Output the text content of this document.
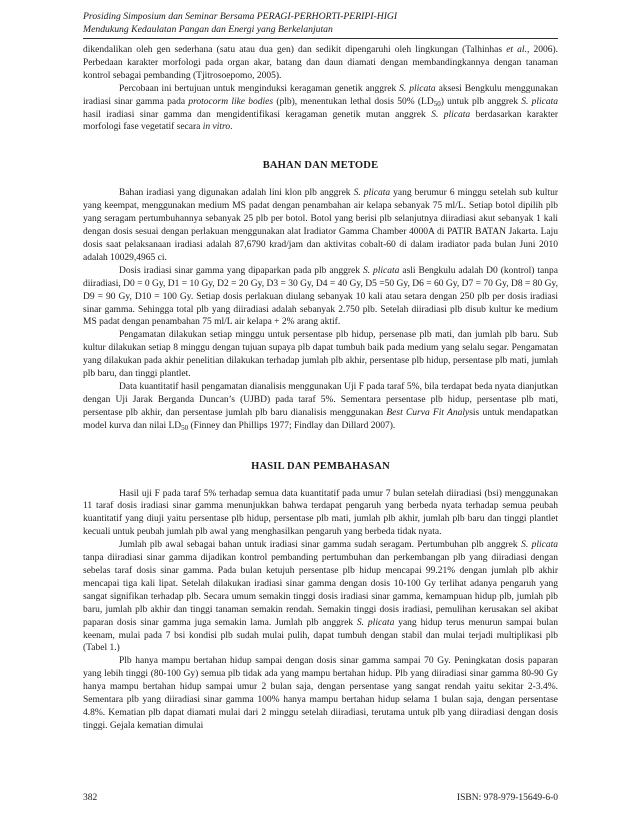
Prosiding Simposium dan Seminar Bersama PERAGI-PERHORTI-PERIPI-HIGI
Mendukung Kedaulatan Pangan dan Energi yang Berkelanjutan

dikendalikan oleh gen sederhana (satu atau dua gen) dan sedikit dipengaruhi oleh lingkungan (Talhinhas et al., 2006). Perbedaan karakter morfologi pada organ akar, batang dan daun diamati dengan membandingkannya dengan tanaman kontrol sebagai pembanding (Tjitrosoepomo, 2005).

Percobaan ini bertujuan untuk menginduksi keragaman genetik anggrek S. plicata aksesi Bengkulu menggunakan iradiasi sinar gamma pada protocorm like bodies (plb), menentukan lethal dosis 50% $(LD_{50})$ untuk plb anggrek S. plicata hasil iradiasi sinar gamma dan mengidentifikasi keragaman genetik mutan anggrek S. plicata berdasarkan karakter morfologi fase vegetatif secara in vitro.

BAHAN DAN METODE

Bahan iradiasi yang digunakan adalah lini klon plb anggrek S. plicata yang berumur 6 minggu setelah sub kultur yang keempat, menggunakan medium MS padat dengan penambahan air kelapa sebanyak 75 ml/L. Setiap botol dipilih plb yang seragam pertumbuhannya sebanyak 25 plb per botol. Botol yang berisi plb selanjutnya diiradiasi akut sebanyak 1 kali dengan dosis sesuai dengan perlakuan menggunakan alat Iradiator Gamma Chamber 4000A di PATIR BATAN Jakarta. Laju dosis saat pelaksanaan iradiasi adalah 87,6790 krad/jam dan aktivitas cobalt-60 di dalam iradiator pada bulan Juni 2010 adalah 10029,4965 ci.

Dosis iradiasi sinar gamma yang dipaparkan pada plb anggrek S. plicata asli Bengkulu adalah D0 (kontrol) tanpa diiradiasi, D0 = 0 Gy, D1 = 10 Gy, D2 = 20 Gy, D3 = 30 Gy, D4 = 40 Gy, D5 =50 Gy, D6 = 60 Gy, D7 = 70 Gy, D8 = 80 Gy, D9 = 90 Gy, D10 = 100 Gy. Setiap dosis perlakuan diulang sebanyak 10 kali atau setara dengan 250 plb per dosis iradiasi sinar gamma. Sehingga total plb yang diiradiasi adalah sebanyak 2.750 plb. Setelah diiradiasi plb disub kultur ke medium MS padat dengan penambahan 75 ml/L air kelapa + 2% arang aktif.

Pengamatan dilakukan setiap minggu untuk persentase plb hidup, persenase plb mati, dan jumlah plb baru. Sub kultur dilakukan setiap 8 minggu dengan tujuan supaya plb dapat tumbuh baik pada medium yang selalu segar. Pengamatan yang dilakukan pada akhir penelitian dilakukan terhadap jumlah plb akhir, persentase plb hidup, persentase plb mati, jumlah plb baru, dan tinggi plantlet.

Data kuantitatif hasil pengamatan dianalisis menggunakan Uji F pada taraf 5%, bila terdapat beda nyata dianjutkan dengan Uji Jarak Berganda Duncan’s (UJBD) pada taraf 5%. Sementara persentase plb hidup, persentase plb mati, persentase plb akhir, dan persentase jumlah plb baru dianalisis menggunakan Best Curva Fit Analysis untuk mendapatkan model kurva dan nilai $LD_{50}$ (Finney dan Phillips 1977; Findlay dan Dillard 2007).

HASIL DAN PEMBAHASAN

Hasil uji F pada taraf 5% terhadap semua data kuantitatif pada umur 7 bulan setelah diiradiasi (bsi) menggunakan 11 taraf dosis iradiasi sinar gamma menunjukkan bahwa terdapat pengaruh yang berbeda nyata terhadap semua peubah kuantitatif yang diuji yaitu persentase plb hidup, persentase plb mati, jumlah plb akhir, jumlah plb baru dan tinggi plantlet kecuali untuk peubah jumlah plb awal yang menghasilkan pengaruh yang berbeda tidak nyata.

Jumlah plb awal sebagai bahan untuk iradiasi sinar gamma sudah seragam. Pertumbuhan plb anggrek S. plicata tanpa diiradiasi sinar gamma dijadikan kontrol pembanding pertumbuhan dan perkembangan plb yang diiradiasi dengan sebelas taraf dosis sinar gamma. Pada bulan ketujuh persentase plb hidup mencapai 99.21% dengan jumlah plb akhir mencapai tiga kali lipat. Setelah dilakukan iradiasi sinar gamma dengan dosis 10-100 Gy terlihat adanya pengaruh yang sangat signifikan terhadap plb. Secara umum semakin tinggi dosis iradiasi sinar gamma, kemampuan hidup plb, jumlah plb baru, jumlah plb akhir dan tinggi tanaman semakin rendah. Semakin tinggi dosis iradiasi, pemulihan kerusakan sel akibat paparan dosis sinar gamma juga semakin lama. Jumlah plb anggrek S. plicata yang hidup terus menurun sampai bulan keenam, mulai pada 7 bsi kondisi plb sudah mulai pulih, dapat tumbuh dengan stabil dan mulai terjadi multiplikasi plb (Tabel 1.)

Plb hanya mampu bertahan hidup sampai dengan dosis sinar gamma sampai 70 Gy. Peningkatan dosis paparan yang lebih tinggi (80-100 Gy) semua plb tidak ada yang mampu bertahan hidup. Plb yang diiradiasi sinar gamma 80-90 Gy hanya mampu bertahan hidup sampai umur 2 bulan saja, dengan persentase yang sangat rendah yaitu sekitar 2-3.4%. Sementara plb yang diiradiasi sinar gamma 100% hanya mampu bertahan hidup selama 1 bulan saja, dengan persentase 4.8%. Kematian plb dapat diamati mulai dari 2 minggu setelah diiradiasi, terutama untuk plb yang diiradiasi dengan dosis tinggi. Gejala kematian dimulai

382	ISBN: 978-979-15649-6-0
